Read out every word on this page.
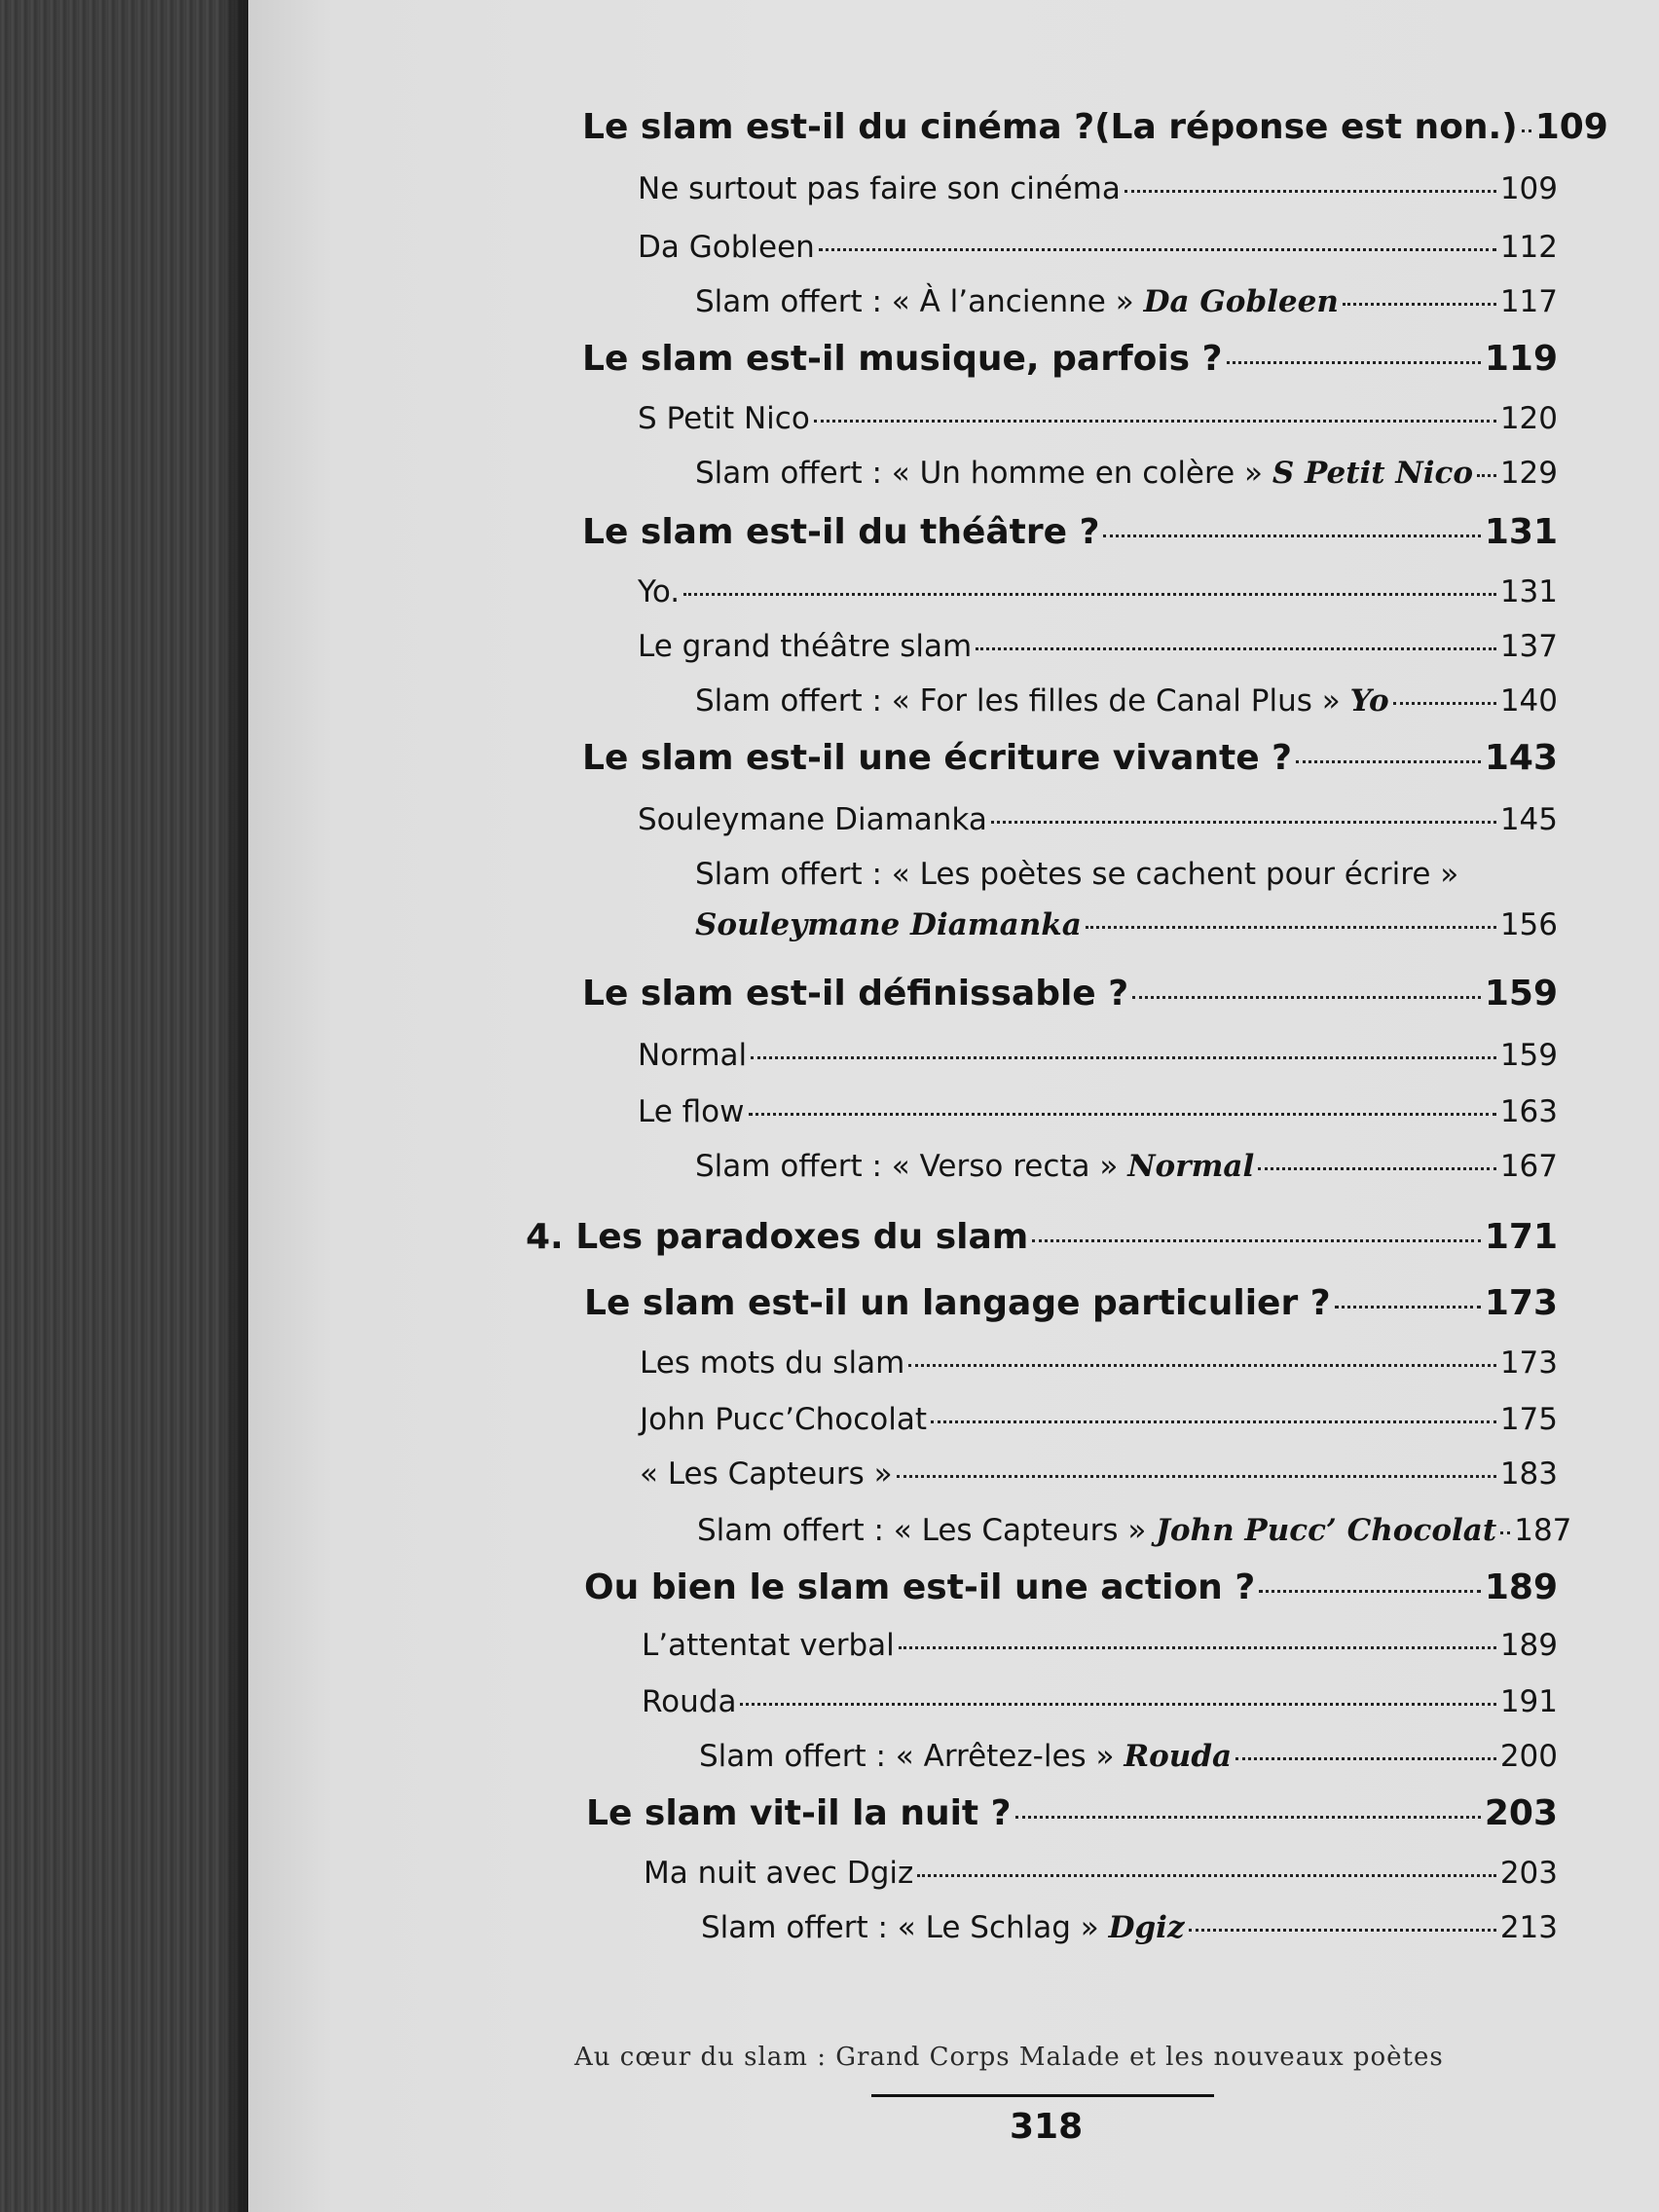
Le slam est-il du cinéma ?(La réponse est non.) 109
Ne surtout pas faire son cinéma	109
Da Gobleen	112
Slam offert : « À l’ancienne » Da Gobleen	117
Le slam est-il musique, parfois ?	119
S Petit Nico	120
Slam offert : « Un homme en colère » S Petit Nico 129
Le slam est-il du théâtre ?	131
Yo.	131
Le grand théâtre slam	137
Slam offert : « For les filles de Canal Plus » Yo	140
Le slam est-il une écriture vivante ?	143
Souleymane Diamanka	145
Slam offert : « Les poètes se cachent pour écrire »
Souleymane Diamanka	156
Le slam est-il définissable ?	159
Normal	159
Le flow	163
Slam offert : « Verso recta » Normal	167
4. Les paradoxes du slam	171
Le slam est-il un langage particulier ?	173
Les mots du slam	173
John Pucc’Chocolat	175
« Les Capteurs »	183
Slam offert : « Les Capteurs » John Pucc’ Chocolat 187
Ou bien le slam est-il une action ?	189
L’attentat verbal	189
Rouda	191
Slam offert : « Arrêtez-les » Rouda	200
Le slam vit-il la nuit ?	203
Ma nuit avec Dgiz	203
Slam offert : « Le Schlag » Dgiz	213
Au cœur du slam : Grand Corps Malade et les nouveaux poètes
318
